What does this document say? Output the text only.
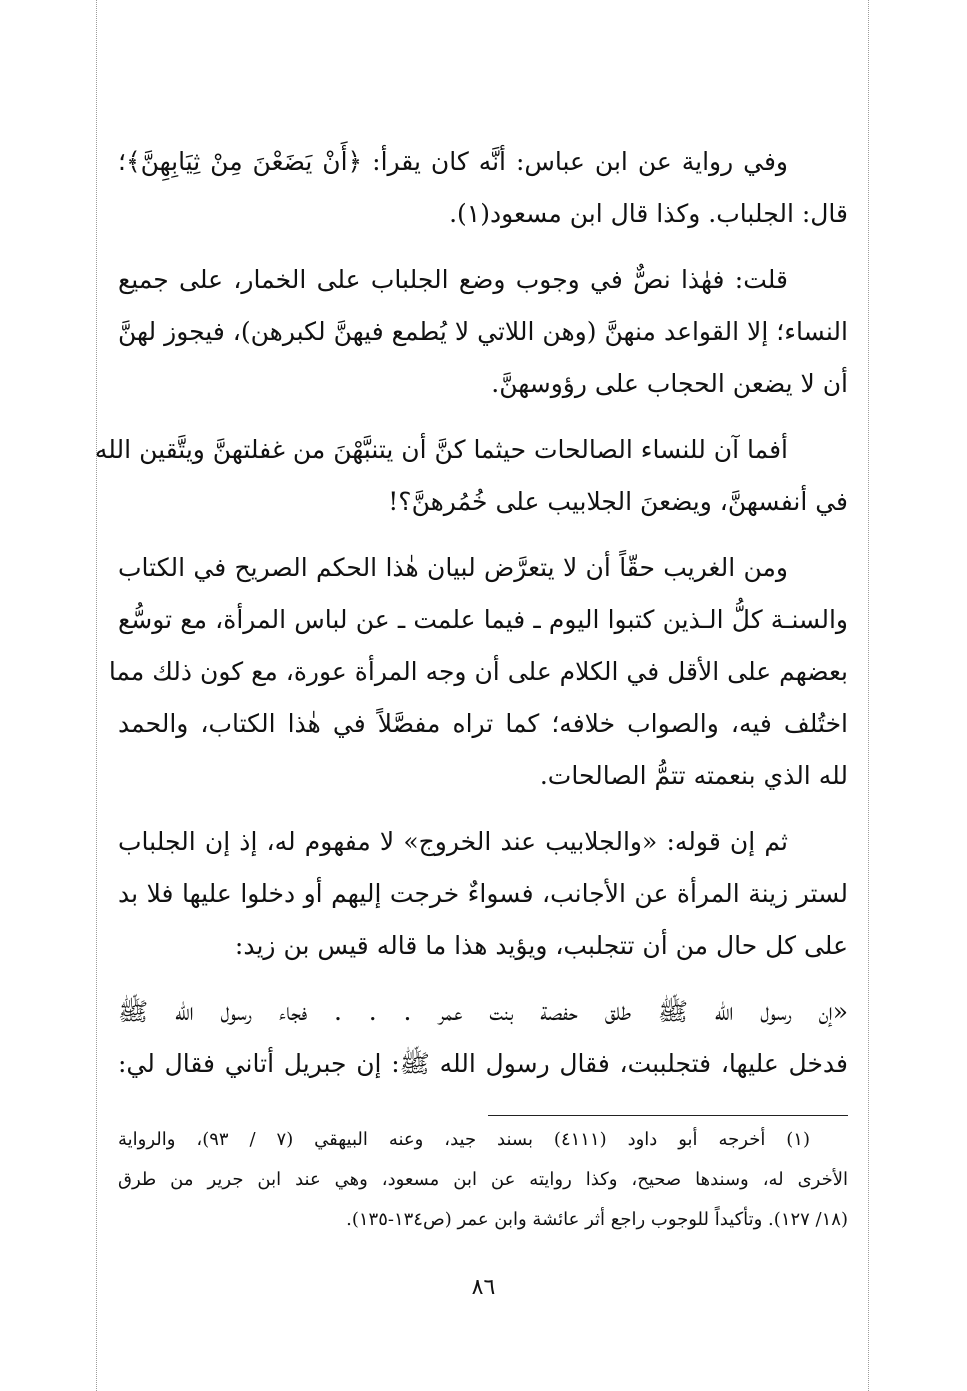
وفي رواية عن ابن عباس: أنَّه كان يقرأ: ﴿أَنْ يَضَعْنَ مِنْ ثِيَابِهِنَّ﴾؛
قال: الجلباب. وكذا قال ابن مسعود(١).
قلت: فهٰذا نصٌّ في وجوب وضع الجلباب على الخمار، على جميع
النساء؛ إلا القواعد منهنَّ (وهن اللاتي لا يُطمع فيهنَّ لكبرهن)، فيجوز لهنَّ
أن لا يضعن الحجاب على رؤوسهنَّ.
أفما آن للنساء الصالحات حيثما كنَّ أن يتنبَّهْنَ من غفلتهنَّ ويتَّقين الله
في أنفسهنَّ، ويضعنَ الجلابيب على خُمُرهنَّ؟!
ومن الغريب حقّاً أن لا يتعرَّض لبيان هٰذا الحكم الصريح في الكتاب
والسنـة كلُّ الـذين كتبوا اليوم ـ فيما علمت ـ عن لباس المرأة، مع توسُّع
بعضهم على الأقل في الكلام على أن وجه المرأة عورة، مع كون ذلك مما
اختُلف فيه، والصواب خلافه؛ كما تراه مفصَّلاً في هٰذا الكتاب، والحمد
لله الذي بنعمته تتمُّ الصالحات.
ثم إن قوله: «والجلابيب عند الخروج» لا مفهوم له، إذ إن الجلباب
لستر زينة المرأة عن الأجانب، فسواءٌ خرجت إليهم أو دخلوا عليها فلا بد
على كل حال من أن تتجلبب، ويؤيد هذا ما قاله قيس بن زيد:
«إن رسول الله ﷺ طلق حفصة بنت عمر . . . فجاء رسول الله ﷺ
فدخل عليها، فتجلببت، فقال رسول الله ﷺ: إن جبريل أتاني فقال لي:
(١) أخرجه أبو داود (٤١١١) بسند جيد، وعنه البيهقي (٧ / ٩٣)، والرواية
الأخرى له، وسندها صحيح، وكذا روايته عن ابن مسعود، وهي عند ابن جرير من طرق
(١٨/ ١٢٧). وتأكيداً للوجوب راجع أثر عائشة وابن عمر (ص١٣٤-١٣٥).
٨٦
